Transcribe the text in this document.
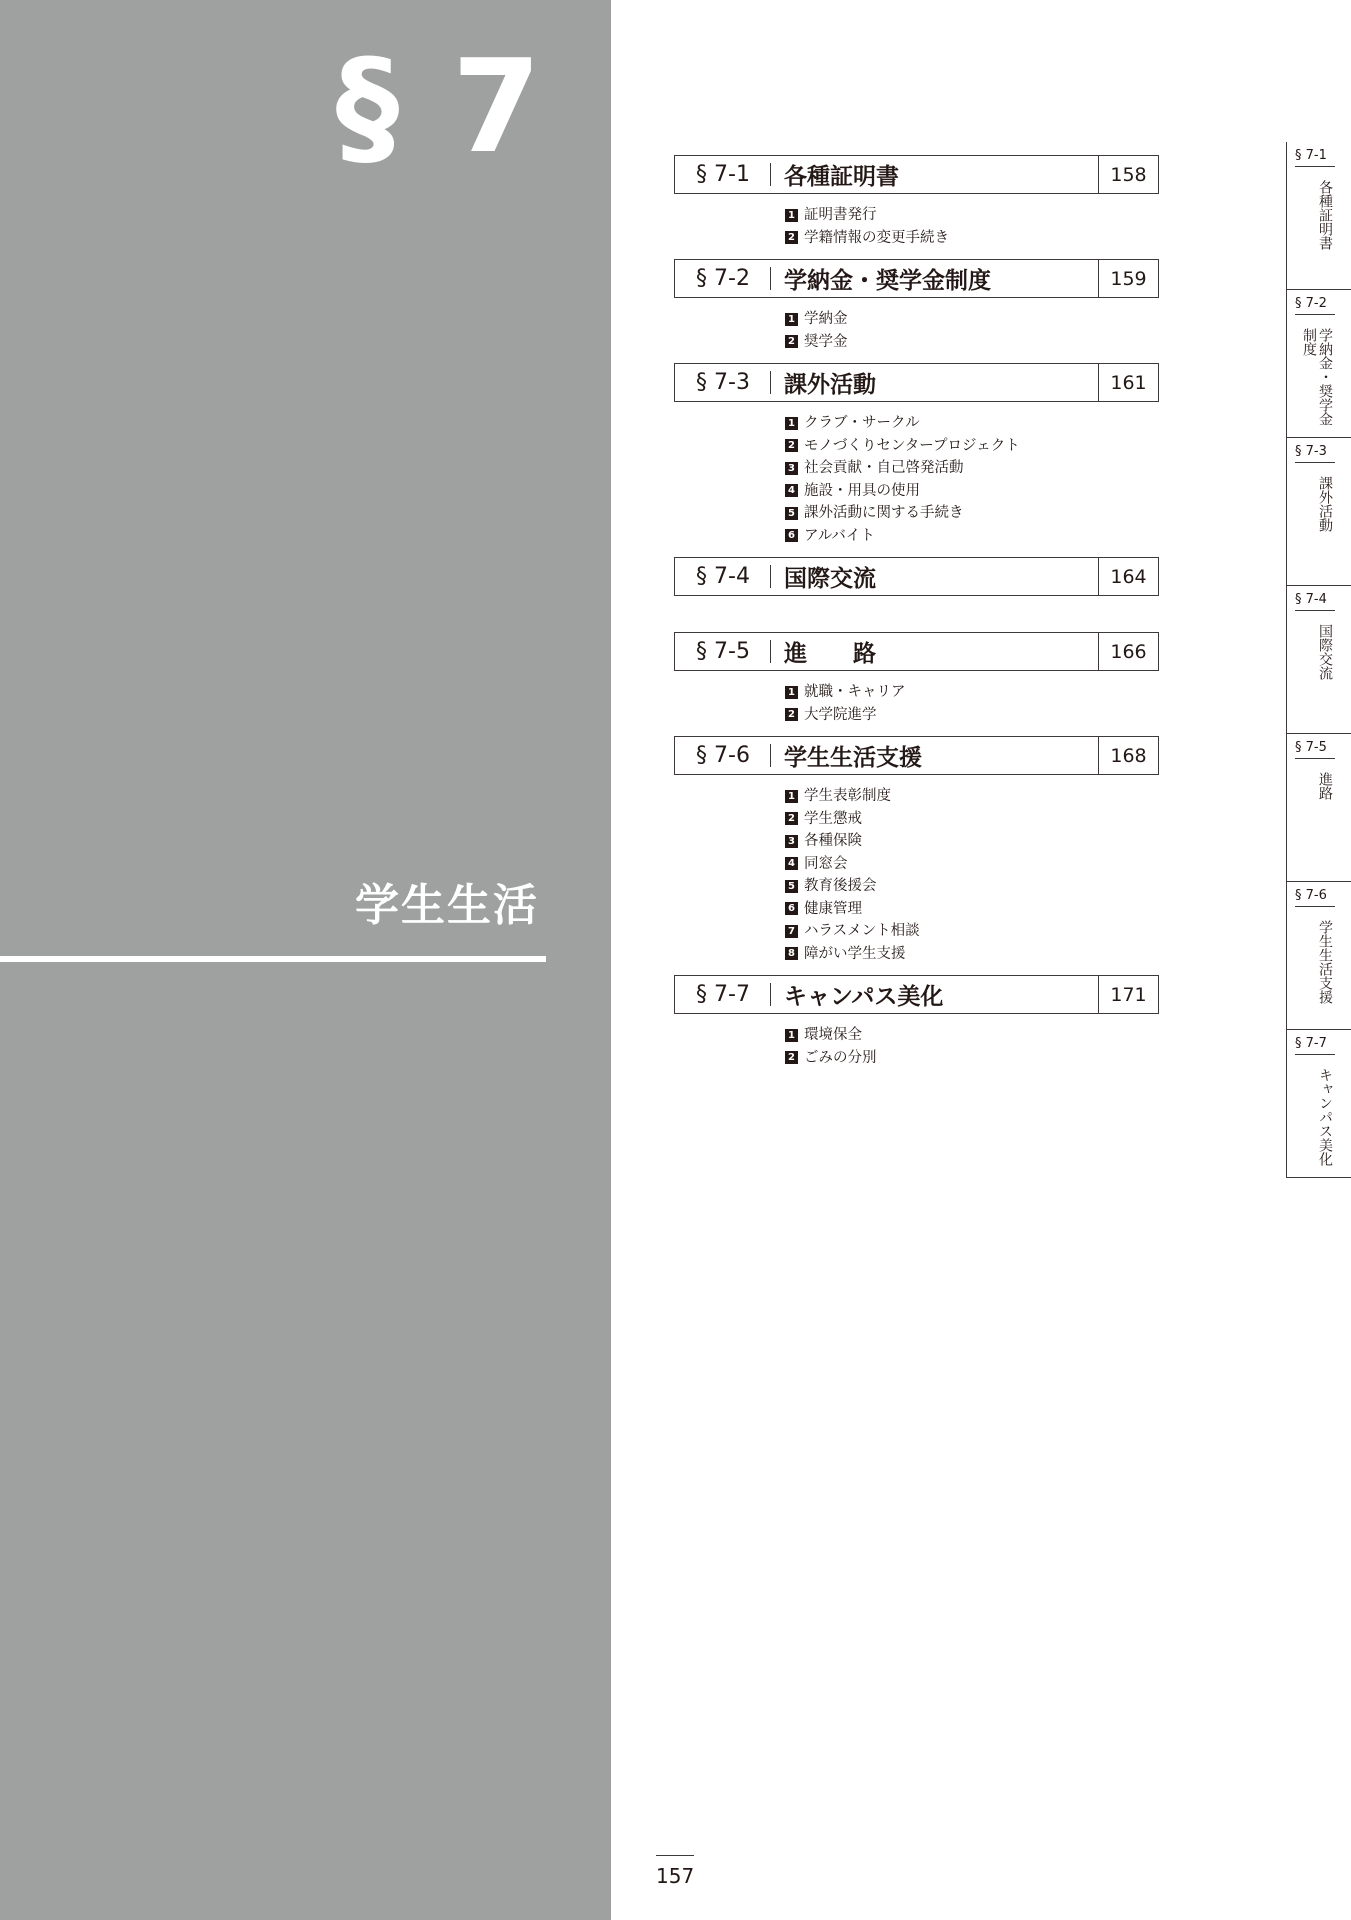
§ 7
学生生活
§ 7-1	各種証明書	158
1 証明書発行
2 学籍情報の変更手続き
§ 7-2	学納金・奨学金制度	159
1 学納金
2 奨学金
§ 7-3	課外活動	161
1 クラブ・サークル
2 モノづくりセンタープロジェクト
3 社会貢献・自己啓発活動
4 施設・用具の使用
5 課外活動に関する手続き
6 アルバイト
§ 7-4	国際交流	164
§ 7-5	進　　路	166
1 就職・キャリア
2 大学院進学
§ 7-6	学生生活支援	168
1 学生表彰制度
2 学生懲戒
3 各種保険
4 同窓会
5 教育後援会
6 健康管理
7 ハラスメント相談
8 障がい学生支援
§ 7-7	キャンパス美化	171
1 環境保全
2 ごみの分別
§ 7-1
各種証明書
§ 7-2
学納金・奨学金制度
§ 7-3
課外活動
§ 7-4
国際交流
§ 7-5
進路
§ 7-6
学生生活支援
§ 7-7
キャンパス美化
157
